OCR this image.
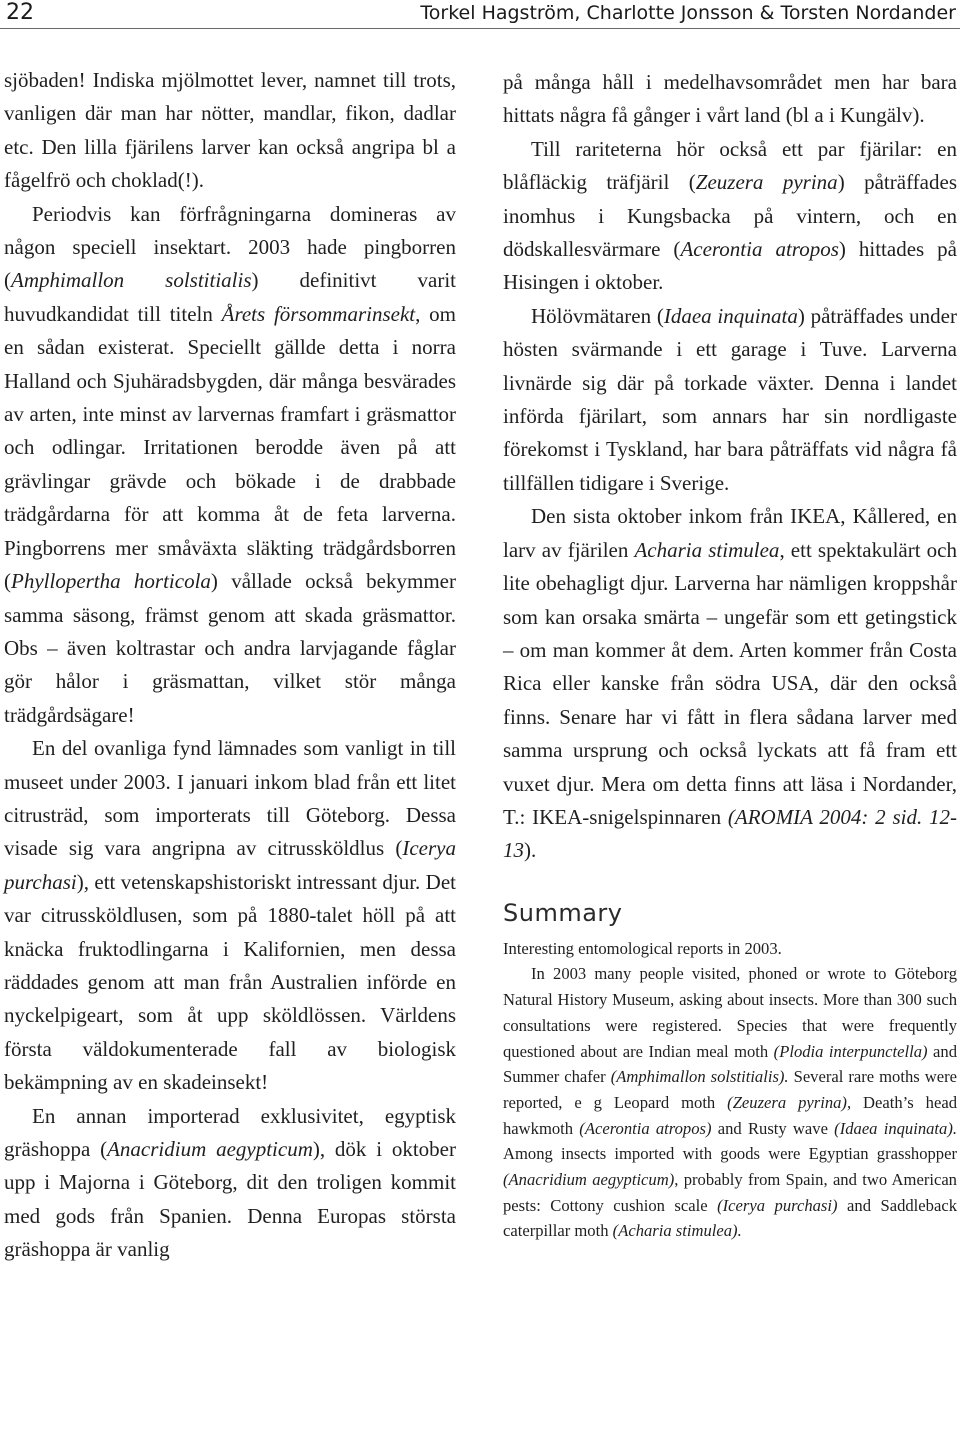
22	Torkel Hagström, Charlotte Jonsson & Torsten Nordander

sjöbaden! Indiska mjölmottet lever, namnet till trots, vanligen där man har nötter, mandlar, fikon, dadlar etc. Den lilla fjärilens larver kan också angripa bl a fågelfrö och choklad(!).

Periodvis kan förfrågningarna domineras av någon speciell insektart. 2003 hade pingborren (Amphimallon solstitialis) definitivt varit huvudkandidat till titeln Årets försommarinsekt, om en sådan existerat. Speciellt gällde detta i norra Halland och Sjuhäradsbygden, där många besvärades av arten, inte minst av larvernas framfart i gräsmattor och odlingar. Irritationen berodde även på att grävlingar grävde och bökade i de drabbade trädgårdarna för att komma åt de feta larverna. Pingborrens mer småväxta släkting trädgårdsborren (Phyllopertha horticola) vållade också bekymmer samma säsong, främst genom att skada gräsmattor. Obs – även koltrastar och andra larvjagande fåglar gör hålor i gräsmattan, vilket stör många trädgårdsägare!

En del ovanliga fynd lämnades som vanligt in till museet under 2003. I januari inkom blad från ett litet citrusträd, som importerats till Göteborg. Dessa visade sig vara angripna av citrussköldlus (Icerya purchasi), ett vetenskapshistoriskt intressant djur. Det var citrussköldlusen, som på 1880-talet höll på att knäcka fruktodlingarna i Kalifornien, men dessa räddades genom att man från Australien införde en nyckelpigeart, som åt upp sköldlössen. Världens första väldokumenterade fall av biologisk bekämpning av en skadeinsekt!

En annan importerad exklusivitet, egyptisk gräshoppa (Anacridium aegypticum), dök i oktober upp i Majorna i Göteborg, dit den troligen kommit med gods från Spanien. Denna Europas största gräshoppa är vanlig

på många håll i medelhavsområdet men har bara hittats några få gånger i vårt land (bl a i Kungälv).

Till rariteterna hör också ett par fjärilar: en blåfläckig träfjäril (Zeuzera pyrina) påträffades inomhus i Kungsbacka på vintern, och en dödskallesvärmare (Acerontia atropos) hittades på Hisingen i oktober.

Hölövmätaren (Idaea inquinata) påträffades under hösten svärmande i ett garage i Tuve. Larverna livnärde sig där på torkade växter. Denna i landet införda fjärilart, som annars har sin nordligaste förekomst i Tyskland, har bara påträffats vid några få tillfällen tidigare i Sverige.

Den sista oktober inkom från IKEA, Kållered, en larv av fjärilen Acharia stimulea, ett spektakulärt och lite obehagligt djur. Larverna har nämligen kroppshår som kan orsaka smärta – ungefär som ett getingstick – om man kommer åt dem. Arten kommer från Costa Rica eller kanske från södra USA, där den också finns. Senare har vi fått in flera sådana larver med samma ursprung och också lyckats att få fram ett vuxet djur. Mera om detta finns att läsa i Nordander, T.: IKEA-snigelspinnaren (AROMIA 2004: 2 sid. 12-13).

Summary

Interesting entomological reports in 2003.

In 2003 many people visited, phoned or wrote to Göteborg Natural History Museum, asking about insects. More than 300 such consultations were registered. Species that were frequently questioned about are Indian meal moth (Plodia interpunctella) and Summer chafer (Amphimallon solstitialis). Several rare moths were reported, e g Leopard moth (Zeuzera pyrina), Death’s head hawkmoth (Acerontia atropos) and Rusty wave (Idaea inquinata). Among insects imported with goods were Egyptian grasshopper (Anacridium aegypticum), probably from Spain, and two American pests: Cottony cushion scale (Icerya purchasi) and Saddleback caterpillar moth (Acharia stimulea).
